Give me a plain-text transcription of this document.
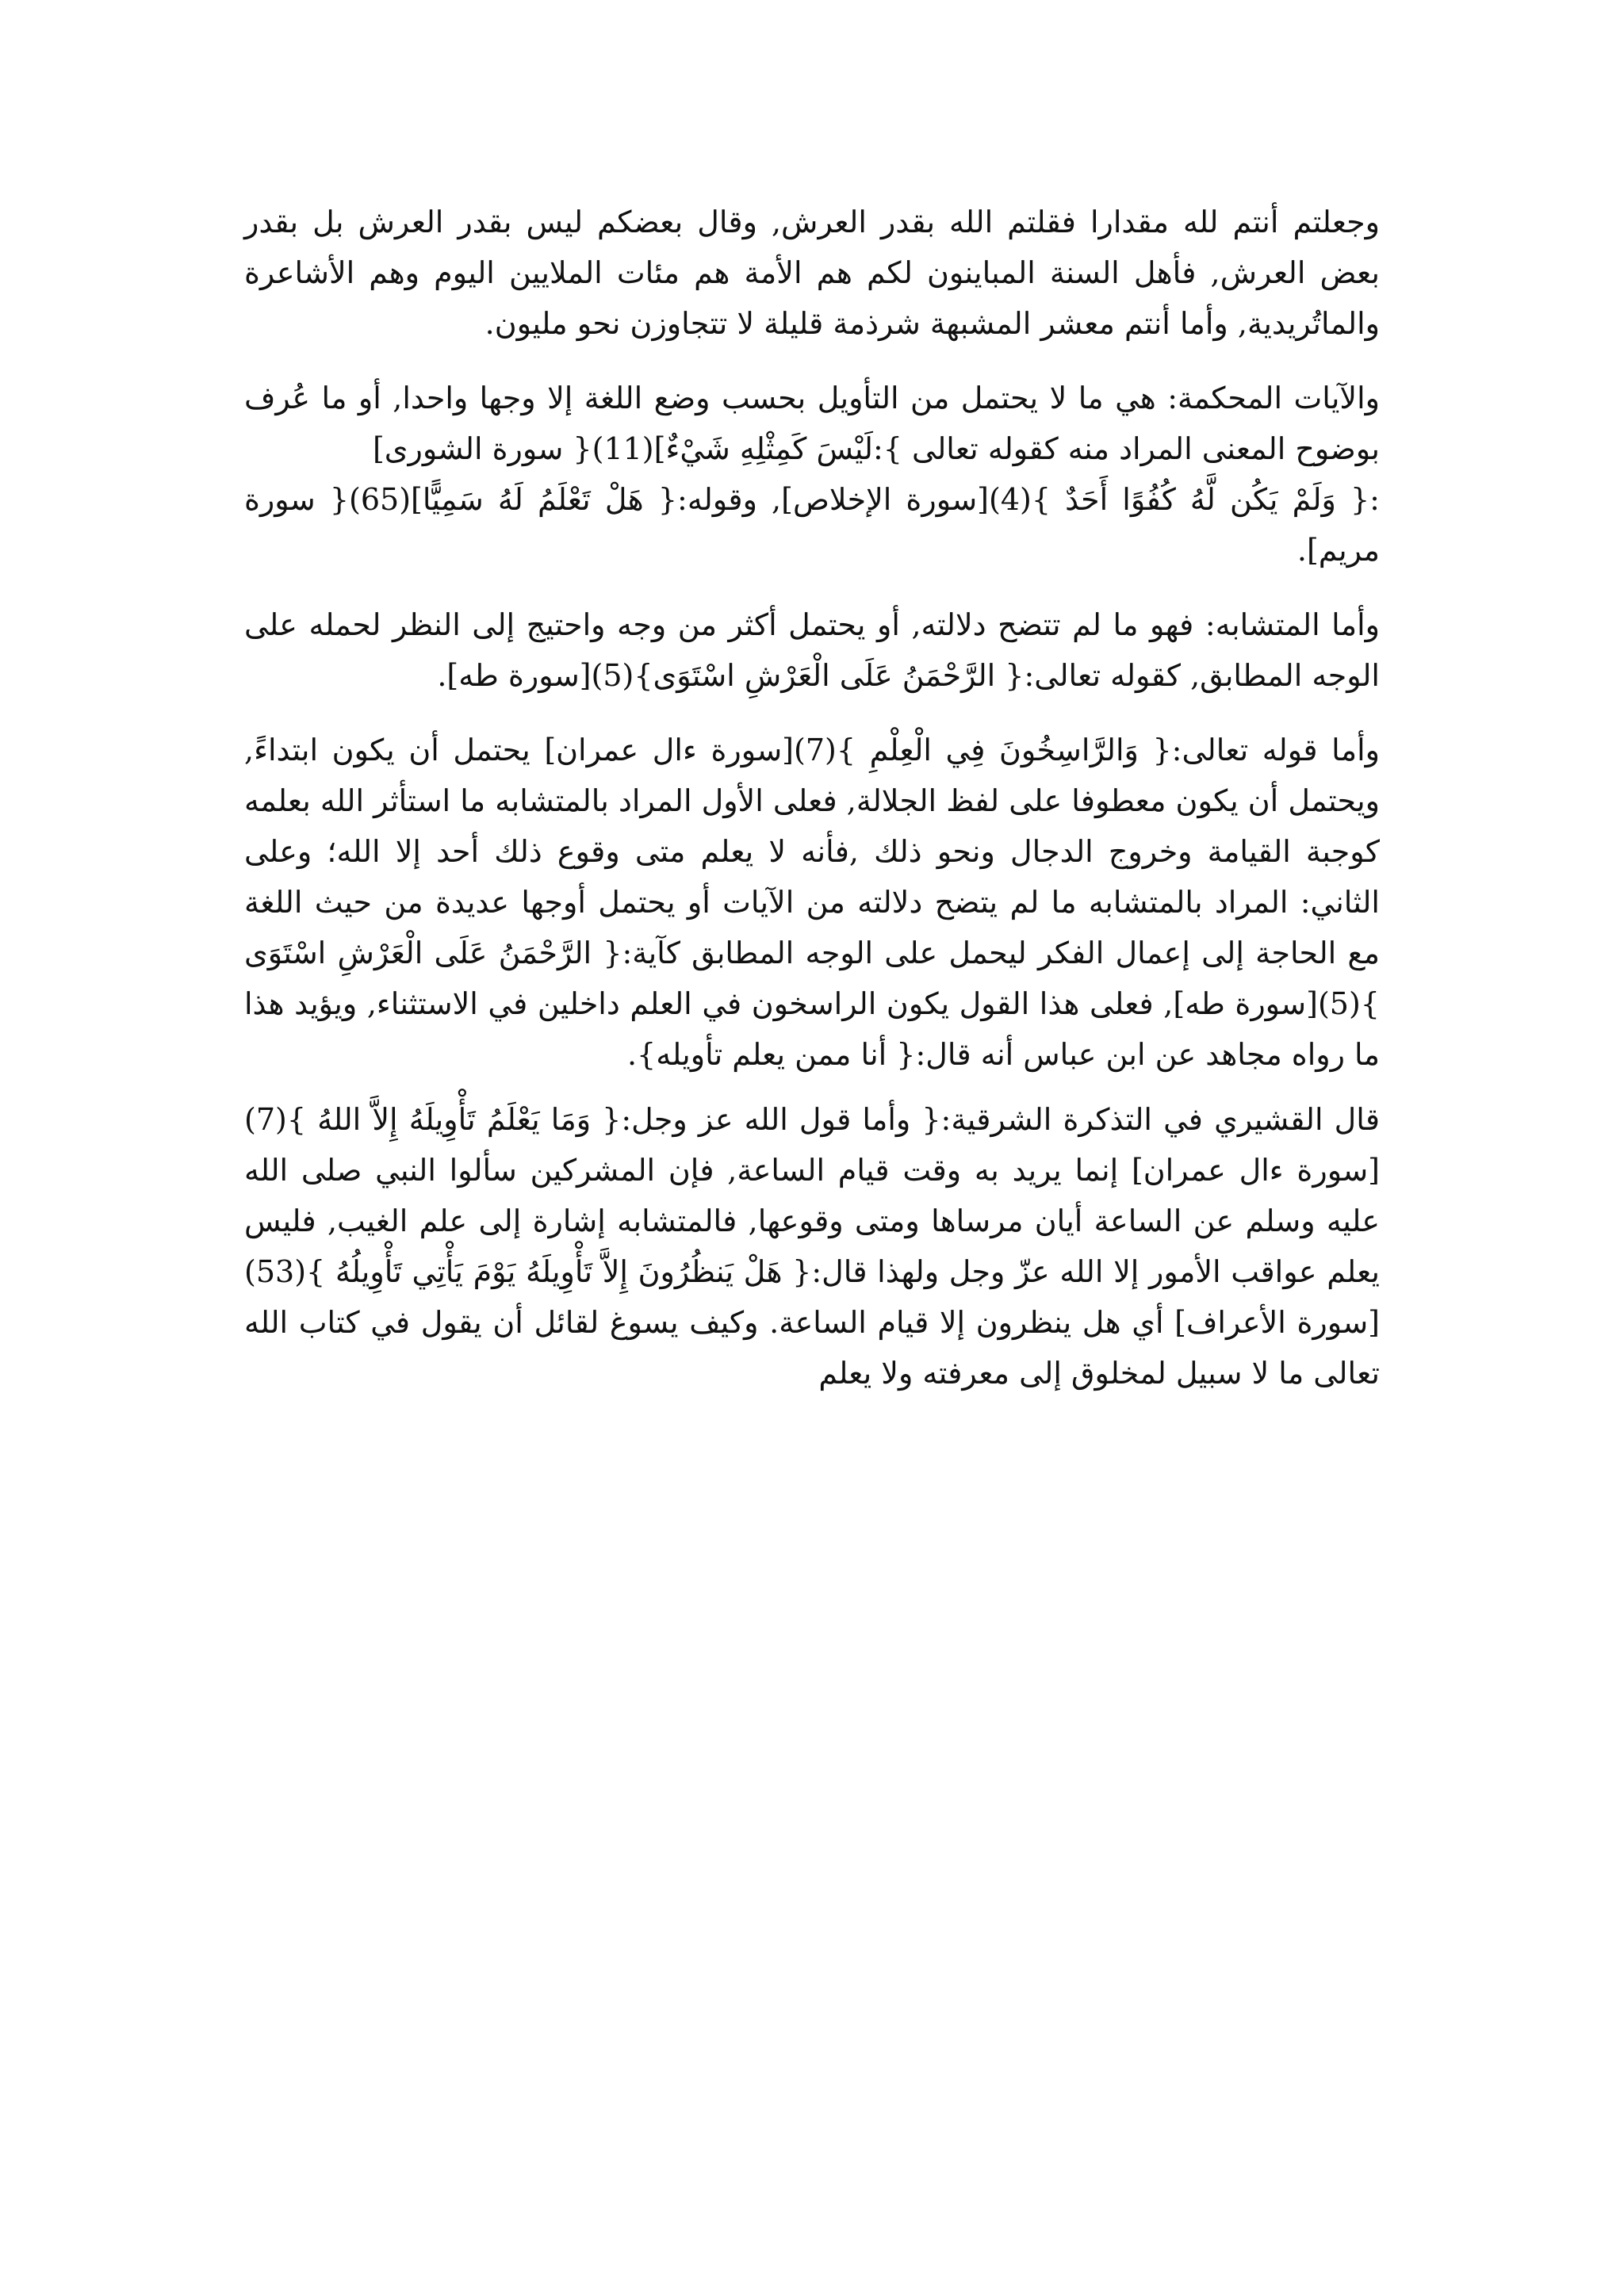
وجعلتم أنتم لله مقدارا فقلتم الله بقدر العرش, وقال بعضكم ليس بقدر العرش بل بقدر بعض العرش, فأهل السنة المباينون لكم هم الأمة هم مئات الملايين اليوم وهم الأشاعرة والماتُريدية, وأما أنتم معشر المشبهة شرذمة قليلة لا تتجاوزن نحو مليون.

والآيات المحكمة: هي ما لا يحتمل من التأويل بحسب وضع اللغة إلا وجها واحدا, أو ما عُرف بوضوح المعنى المراد منه كقوله تعالى }:لَيْسَ كَمِثْلِهِ شَيْءٌ](11){ سورة الشورى]

:{ وَلَمْ يَكُن لَّهُ كُفُوًا أَحَدٌ }(4)[سورة الإخلاص], وقوله:{ هَلْ تَعْلَمُ لَهُ سَمِيًّا](65){ سورة مريم].

وأما المتشابه: فهو ما لم تتضح دلالته, أو يحتمل أكثر من وجه واحتيج إلى النظر لحمله على الوجه المطابق, كقوله تعالى:{ الرَّحْمَنُ عَلَى الْعَرْشِ اسْتَوَى}(5)[سورة طه].

وأما قوله تعالى:{ وَالرَّاسِخُونَ فِي الْعِلْمِ }(7)[سورة ءال عمران] يحتمل أن يكون ابتداءً, ويحتمل أن يكون معطوفا على لفظ الجلالة, فعلى الأول المراد بالمتشابه ما استأثر الله بعلمه كوجبة القيامة وخروج الدجال ونحو ذلك ,فأنه لا يعلم متى وقوع ذلك أحد إلا الله؛ وعلى الثاني: المراد بالمتشابه ما لم يتضح دلالته من الآيات أو يحتمل أوجها عديدة من حيث اللغة مع الحاجة إلى إعمال الفكر ليحمل على الوجه المطابق كآية:{ الرَّحْمَنُ عَلَى الْعَرْشِ اسْتَوَى }(5)[سورة طه], فعلى هذا القول يكون الراسخون في العلم داخلين في الاستثناء, ويؤيد هذا ما رواه مجاهد عن ابن عباس أنه قال:{ أنا ممن يعلم تأويله}.

قال القشيري في التذكرة الشرقية:{ وأما قول الله عز وجل:{ وَمَا يَعْلَمُ تَأْوِيلَهُ إِلاَّ اللهُ }(7)[سورة ءال عمران] إنما يريد به وقت قيام الساعة, فإن المشركين سألوا النبي صلى الله عليه وسلم عن الساعة أيان مرساها ومتى وقوعها, فالمتشابه إشارة إلى علم الغيب, فليس يعلم عواقب الأمور إلا الله عزّ وجل ولهذا قال:{ هَلْ يَنظُرُونَ إِلاَّ تَأْوِيلَهُ يَوْمَ يَأْتِي تَأْوِيلُهُ }(53)[سورة الأعراف] أي هل ينظرون إلا قيام الساعة. وكيف يسوغ لقائل أن يقول في كتاب الله تعالى ما لا سبيل لمخلوق إلى معرفته ولا يعلم
